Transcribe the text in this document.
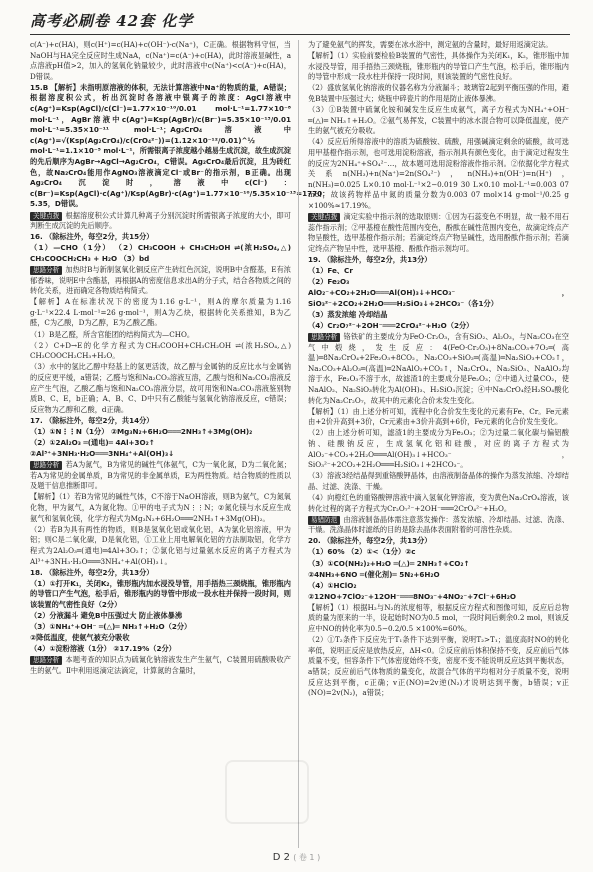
高考必刷卷 42套 化学
c(A⁻)+c(HA)，则c(H⁺)=c(HA)+c(OH⁻)-c(Na⁺)，C正确。根据物料守恒，当NaOH与HA完全反应时生成NaA，c(Na⁺)=c(A⁻)+c(HA)，此时溶液显碱性，a点溶液pH值>2，加入的氢氧化钠量较少，此时溶液中c(Na⁺)<c(A⁻)+c(HA)，D错误。
15.B 【解析】未指明原溶液的体积，无法计算溶液中Na⁺的物质的量，A错误；根据溶度积公式，析出沉淀时各溶液中银离子的浓度：AgCl溶液中c(Ag⁺)=Ksp(AgCl)/c(Cl⁻)=1.77×10⁻¹⁰/0.01 mol·L⁻¹=1.77×10⁻⁸ mol·L⁻¹，AgBr溶液中c(Ag⁺)=Ksp(AgBr)/c(Br⁻)=5.35×10⁻¹³/0.01 mol·L⁻¹=5.35×10⁻¹¹ mol·L⁻¹；Ag₂CrO₄溶液中c(Ag⁺)=√(Ksp(Ag₂CrO₄)/c(CrO₄²⁻))=(1.12×10⁻¹²/0.01)^½ mol·L⁻¹=1.1×10⁻⁵ mol·L⁻¹，所需银离子浓度越小越易生成沉淀，故生成沉淀的先后顺序为AgBr→AgCl→Ag₂CrO₄，C错误。Ag₂CrO₄最后沉淀，且为砖红色，故Na₂CrO₄能用作AgNO₃溶液滴定Cl⁻或Br⁻的指示剂，B正确。出现Ag₂CrO₄沉淀时，溶液中c(Cl⁻)：c(Br⁻)=Ksp(AgCl)·c(Ag⁺)/Ksp(AgBr)·c(Ag⁺)=1.77×10⁻¹⁰/5.35×10⁻¹³=1770：5.35，D错误。
关键点拨 根据溶度积公式计算几种离子分别沉淀时所需银离子浓度的大小，即可判断生成沉淀的先后顺序。
16. （除标注外，每空2分，共15分）
（1）—CHO（1分） （2）CH₃COOH + CH₃CH₂OH ⇌(浓H₂SO₄,△) CH₃COOCH₂CH₃ + H₂O （3）bd
思路分析 加热时B与新制氢氧化铜反应产生砖红色沉淀，说明B中含醛基，E有浓郁香味，说明E中含酯基，再根据A的密度信息求出A的分子式，结合各物质之间的转化关系，进而确定各物质结构简式。
【解析】A在标准状况下的密度为1.16 g·L⁻¹，则A的摩尔质量为1.16 g·L⁻¹×22.4 L·mol⁻¹=26 g·mol⁻¹，则A为乙炔，根据转化关系推知，B为乙醛，C为乙酸，D为乙醇，E为乙酸乙酯。
（1）B是乙醛，所含官能团的结构简式为—CHO。
（2）C+D→E的化学方程式为CH₃COOH+CH₃CH₂OH ⇌(浓H₂SO₄,△) CH₃COOCH₂CH₃+H₂O。
（3）水中的氢比乙醇中羟基上的氢更活泼，故乙醇与金属钠的反应比水与金属钠的反应更平缓，a错误；乙醛与饱和Na₂CO₃溶液互溶，乙酸与饱和Na₂CO₃溶液反应产生气泡，乙酸乙酯与饱和Na₂CO₃溶液分层，故可用饱和Na₂CO₃溶液鉴别物质B、C、E，b正确；A、B、C、D中只有乙酸能与氢氧化钠溶液反应，c错误；反应物为乙醇和乙酸，d正确。
17. （除标注外，每空2分，共14分）
（1）①N⋮⋮N（1分） ②Mg₃N₂+6H₂O═══2NH₃↑+3Mg(OH)₂
（2）①2Al₂O₃ ═(通电)═ 4Al+3O₂↑
②Al³⁺+3NH₃·H₂O═══3NH₄⁺+Al(OH)₃↓
思路分析 若A为氮气，B为常见的碱性气体氨气，C为一氧化氮，D为二氧化氮；若A为常见的金属单质，B为常见的非金属单质，E为两性物质。结合物质的性质以及题干信息推断即可。
【解析】（1）若B为常见的碱性气体，C不溶于NaOH溶液，则B为氨气，C为氮氧化物，甲为氮气，A为氮化物。①甲的电子式为N⋮⋮N；②氮化镁与水反应生成氨气和氢氧化镁，化学方程式为Mg₃N₂+6H₂O═══2NH₃↑+3Mg(OH)₂。
（2）若B为具有两性的物质，则B是氢氧化铝或氧化铝，A为氯化铝溶液，甲为铝；则C是二氧化碳，D是氧化铝，①工业上用电解氧化铝的方法制取铝，化学方程式为2Al₂O₃═(通电)═4Al+3O₂↑；②氯化铝与过量氨水反应的离子方程式为Al³⁺+3NH₃·H₂O═══3NH₄⁺+Al(OH)₃↓。
18. （除标注外，每空2分，共13分）
（1）①打开K₁，关闭K₂，锥形瓶内加水浸没导管，用手捂热三颈烧瓶，锥形瓶内的导管口产生气泡，松手后，锥形瓶内的导管中形成一段水柱并保持一段时间，则该装置的气密性良好（2分）
（2）分液漏斗 避免B中压强过大 防止液体暴沸
（3）①NH₄⁺+OH⁻ ═(△)═ NH₃↑+H₂O（2分）
②降低温度，使氨气被充分吸收
（4）①淀粉溶液（1分） ②17.19%（2分）
思路分析 本题考查的知识点为硫氰化钠溶液发生产生氨气，C装置用硫酸吸收产生的氨气。Ⅱ中利用返滴定法滴定，计算氮的含量时，
为了避免氨气的挥发，需要在冰水浴中，测定氨的含量时，最好用返滴定法。
【解析】（1）实验前要检验B装置的气密性，具体操作为关闭K₁，K₂，锥形瓶中加水浸没导管，用手捂热三颈烧瓶，锥形瓶内的导管口产生气泡，松手后，锥形瓶内的导管中形成一段水柱并保持一段时间，则该装置的气密性良好。
（2）盛放氢氧化钠溶液的仪器名称为分液漏斗；玻璃管2起到平衡压强的作用，避免B装置中压强过大；烧瓶中碎瓷片的作用是防止液体暴沸。
（3）①B装置中硫氰化铵和碱发生反应生成氨气，离子方程式为NH₄⁺+OH⁻ ═(△)═ NH₃↑+H₂O。②氨气易挥发，C装置中的冰水混合物可以降低温度，使产生的氨气被充分吸收。
（4）反应后所得溶液中的溶质为硫酸铵、硫酸，用强碱滴定剩余的硫酸，故可选用甲基橙作指示剂，也可选用淀粉溶液，指示剂具有颜色变化，由于滴定过程发生的反应为2NH₄⁺+SO₄²⁻…，故本题可选用淀粉溶液作指示剂。②依据化学方程式关系n(NH₃)+n(Na⁺)=2n(SO₄²⁻)，n(NH₃)+n(OH⁻)=n(H⁺)，n(NH₃)=0.025 L×0.10 mol·L⁻¹×2−0.019 30 L×0.10 mol·L⁻¹=0.003 07 mol，故该药物样品中氮的质量分数为0.003 07 mol×14 g·mol⁻¹/0.25 g ×100%≈17.19%。
关键点拨 滴定实验中指示剂的选取原则：①因为石蕊变色不明显，故一般不用石蕊作指示剂；②甲基橙在酸性范围内变色，酚酞在碱性范围内变色，故滴定终点产物呈酸性，选甲基橙作指示剂；若滴定终点产物呈碱性，选用酚酞作指示剂；若滴定终点产物呈中性，选甲基橙、酚酞作指示剂均可。
19. （除标注外，每空2分，共13分）
（1）Fe、Cr
（2）Fe₂O₃
AlO₂⁻+CO₂+2H₂O═══Al(OH)₃↓+HCO₃⁻，SiO₃²⁻+2CO₂+2H₂O═══H₂SiO₃↓+2HCO₃⁻（各1分）
（3）蒸发浓缩 冷却结晶
（4）Cr₂O₇²⁻+2OH⁻═══2CrO₄²⁻+H₂O（2分）
思路分析 铬铁矿的主要成分为FeO·Cr₂O₃，含有SiO₂、Al₂O₃，与Na₂CO₃在空气中煅烧，发生反应：4(FeO·Cr₂O₃)+8Na₂CO₃+7O₂═(高温)═8Na₂CrO₄+2Fe₂O₃+8CO₂，Na₂CO₃+SiO₂═(高温)═Na₂SiO₃+CO₂↑，Na₂CO₃+Al₂O₃═(高温)═2NaAlO₂+CO₂↑，Na₂CrO₄、Na₂SiO₃、NaAlO₂均溶于水，Fe₂O₃不溶于水，故滤渣1的主要成分是Fe₂O₃；②中通入过量CO₂，使NaAlO₂、Na₂SiO₃转化为Al(OH)₃、H₂SiO₃沉淀；④中Na₂CrO₄经H₂SO₄酸化转化为Na₂Cr₂O₇，故其中的元素化合价未发生变化。
【解析】（1）由上述分析可知，流程中化合价发生变化的元素有Fe、Cr。Fe元素由+2价升高到+3价，Cr元素由+3价升高到+6价，Fe元素的化合价发生变化。
（2）由上述分析可知，滤渣1的主要成分为Fe₂O₃；②为过量二氧化碳与偏铝酸钠、硅酸钠反应，生成氢氧化铝和硅酸，对应的离子方程式为AlO₂⁻+CO₂+2H₂O═══Al(OH)₃↓+HCO₃⁻，SiO₃²⁻+2CO₂+2H₂O═══H₂SiO₃↓+2HCO₃⁻。
（3）溶液3经结晶得到重铬酸钾晶体，由溶液制备晶体的操作为蒸发浓缩、冷却结晶、过滤、洗涤、干燥。
（4）向橙红色的重铬酸钾溶液中滴入氢氧化钾溶液，变为黄色Na₂CrO₄溶液，该转化过程的离子方程式为Cr₂O₇²⁻+2OH⁻═══2CrO₄²⁻+H₂O。
易错防范 由溶液制备晶体需注意蒸发操作：蒸发浓缩、冷却结晶、过滤、洗涤、干燥。洗涤晶体时滤纸的目的是除去晶体表面附着的可溶性杂质。
20. （除标注外，每空2分，共13分）
（1）60% （2）①<（1分）②c
（3）①CO(NH₂)₂+H₂O ═(△)═ 2NH₃↑+CO₂↑
②4NH₃+6NO ═(催化剂)═ 5N₂+6H₂O
（4）①HClO₂
②12NO+7ClO₂⁻+12OH⁻═══8NO₃⁻+4NO₂⁻+7Cl⁻+6H₂O
【解析】（1）根据H₂与N₂的浓度相等，根据反应方程式和图像可知，反应后总物质的量为原来的一半，设起始时NO为0.5 mol，一段时间后剩余0.2 mol，则该反应中NO的转化率为0.5−0.2/0.5 ×100%=60%。
（2）①T₂条件下反应先于T₁条件下达到平衡，说明T₂>T₁；温度高时NO的转化率低，说明正反应是放热反应，ΔH<0。②反应前后体积保持不变，反应前后气体质量不变，恒容条件下气体密度始终不变，密度不变不能说明反应达到平衡状态，a错误；反应前后气体物质的量变化，故混合气体的平均相对分子质量不变，说明反应达到平衡，c正确；v正(NO)=2v逆(N₂)才说明达到平衡，b错误；v正(NO)=2v(N₂)，a错误；
D 2 ( 卷 1 )
